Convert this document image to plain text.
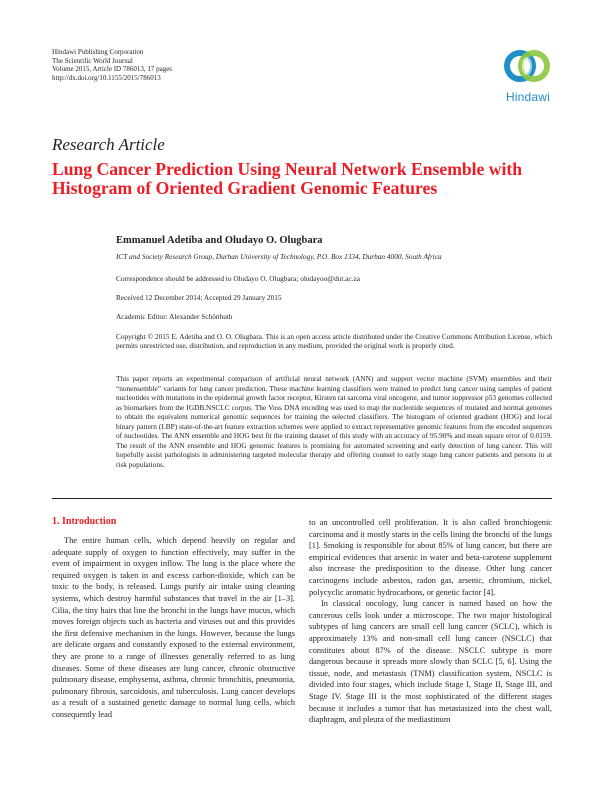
Hindawi Publishing Corporation
The Scientific World Journal
Volume 2015, Article ID 786013, 17 pages
http://dx.doi.org/10.1155/2015/786013
Hindawi
Research Article
Lung Cancer Prediction Using Neural Network Ensemble with Histogram of Oriented Gradient Genomic Features
Emmanuel Adetiba and Oludayo O. Olugbara
ICT and Society Research Group, Durban University of Technology, P.O. Box 1334, Durban 4000, South Africa
Correspondence should be addressed to Oludayo O. Olugbara; oludayoo@dut.ac.za
Received 12 December 2014; Accepted 29 January 2015
Academic Editor: Alexander Schönhuth
Copyright © 2015 E. Adetiba and O. O. Olugbara. This is an open access article distributed under the Creative Commons Attribution License, which permits unrestricted use, distribution, and reproduction in any medium, provided the original work is properly cited.
This paper reports an experimental comparison of artificial neural network (ANN) and support vector machine (SVM) ensembles and their “nonensemble” variants for lung cancer prediction. These machine learning classifiers were trained to predict lung cancer using samples of patient nucleotides with mutations in the epidermal growth factor receptor, Kirsten rat sarcoma viral oncogene, and tumor suppressor p53 genomes collected as biomarkers from the IGDB.NSCLC corpus. The Voss DNA encoding was used to map the nucleotide sequences of mutated and normal genomes to obtain the equivalent numerical genomic sequences for training the selected classifiers. The histogram of oriented gradient (HOG) and local binary pattern (LBP) state-of-the-art feature extraction schemes were applied to extract representative genomic features from the encoded sequences of nucleotides. The ANN ensemble and HOG best fit the training dataset of this study with an accuracy of 95.90% and mean square error of 0.0159. The result of the ANN ensemble and HOG genomic features is promising for automated screening and early detection of lung cancer. This will hopefully assist pathologists in administering targeted molecular therapy and offering counsel to early stage lung cancer patients and persons in at risk populations.
1. Introduction

The entire human cells, which depend heavily on regular and adequate supply of oxygen to function effectively, may suffer in the event of impairment in oxygen inflow. The lung is the place where the required oxygen is taken in and excess carbon-dioxide, which can be toxic to the body, is released. Lungs purify air intake using cleaning systems, which destroy harmful substances that travel in the air [1–3]. Cilia, the tiny hairs that line the bronchi in the lungs have mucus, which moves foreign objects such as bacteria and viruses out and this provides the first defensive mechanism in the lungs. However, because the lungs are delicate organs and constantly exposed to the external environment, they are prone to a range of illnesses generally referred to as lung diseases. Some of these diseases are lung cancer, chronic obstructive pulmonary disease, emphysema, asthma, chronic bronchitis, pneumonia, pulmonary fibrosis, sarcoidosis, and tuberculosis. Lung cancer develops as a result of a sustained genetic damage to normal lung cells, which consequently lead

to an uncontrolled cell proliferation. It is also called bronchiogenic carcinoma and it mostly starts in the cells lining the bronchi of the lungs [1]. Smoking is responsible for about 85% of lung cancer, but there are empirical evidences that arsenic in water and beta-carotene supplement also increase the predisposition to the disease. Other lung cancer carcinogens include asbestos, radon gas, arsenic, chromium, nickel, polycyclic aromatic hydrocarbons, or genetic factor [4].

In classical oncology, lung cancer is named based on how the cancerous cells look under a microscope. The two major histological subtypes of lung cancers are small cell lung cancer (SCLC), which is approximately 13% and non-small cell lung cancer (NSCLC) that constitutes about 87% of the disease. NSCLC subtype is more dangerous because it spreads more slowly than SCLC [5, 6]. Using the tissue, node, and metastasis (TNM) classification system, NSCLC is divided into four stages, which include Stage I, Stage II, Stage III, and Stage IV. Stage III is the most sophisticated of the different stages because it includes a tumor that has metastasized into the chest wall, diaphragm, and pleura of the mediastinum
